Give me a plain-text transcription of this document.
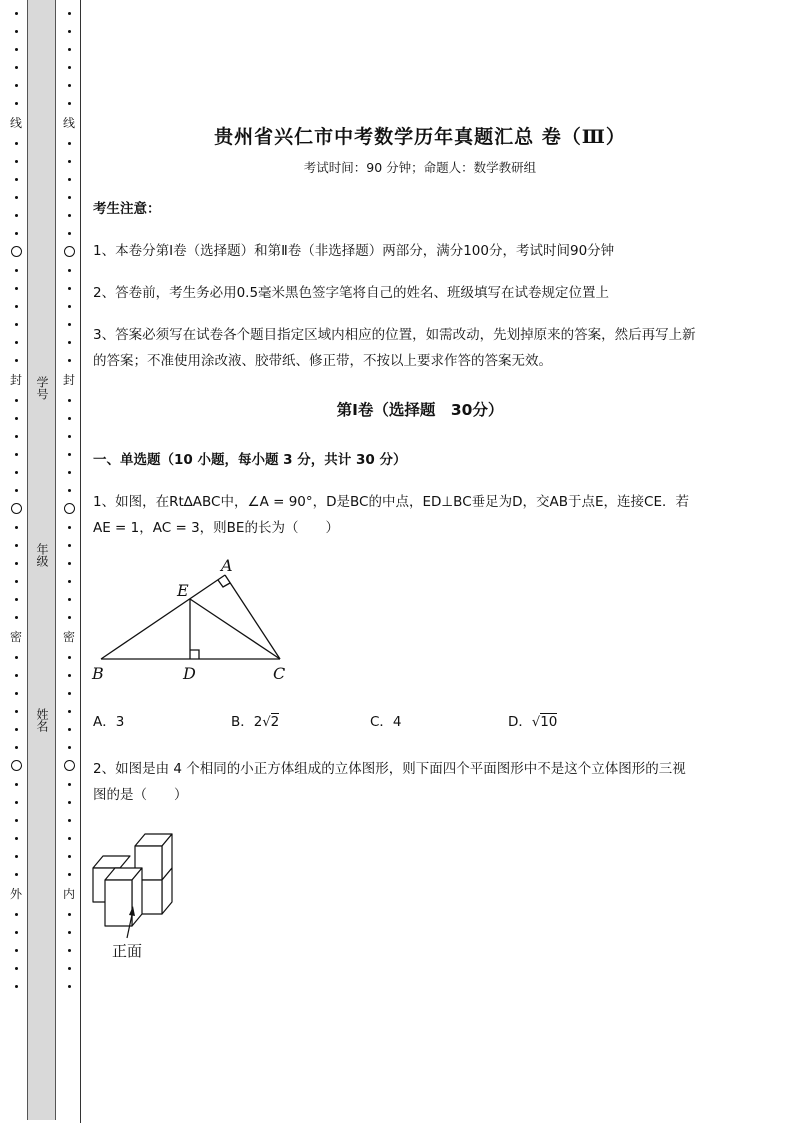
线
封
密
外
学号
年级
姓名
线
封
密
内
贵州省兴仁市中考数学历年真题汇总 卷（Ⅲ）
考试时间：90 分钟；命题人：数学教研组
考生注意：
1、本卷分第Ⅰ卷（选择题）和第Ⅱ卷（非选择题）两部分，满分100分，考试时间90分钟
2、答卷前，考生务必用0.5毫米黑色签字笔将自己的姓名、班级填写在试卷规定位置上
3、答案必须写在试卷各个题目指定区域内相应的位置，如需改动，先划掉原来的答案，然后再写上新
的答案；不准使用涂改液、胶带纸、修正带，不按以上要求作答的答案无效。
第Ⅰ卷（选择题　30分）
一、单选题（10 小题，每小题 3 分，共计 30 分）
1、如图，在Rt∆ABC中，∠A = 90°，D是BC的中点，ED⊥BC垂足为D，交AB于点E，连接CE．若
AE = 1，AC = 3，则BE的长为（　　）
A
E
B	D	C
A．3	B．2√2	C．4	D．√10
2、如图是由 4 个相同的小正方体组成的立体图形，则下面四个平面图形中不是这个立体图形的三视
图的是（　　）
正面
